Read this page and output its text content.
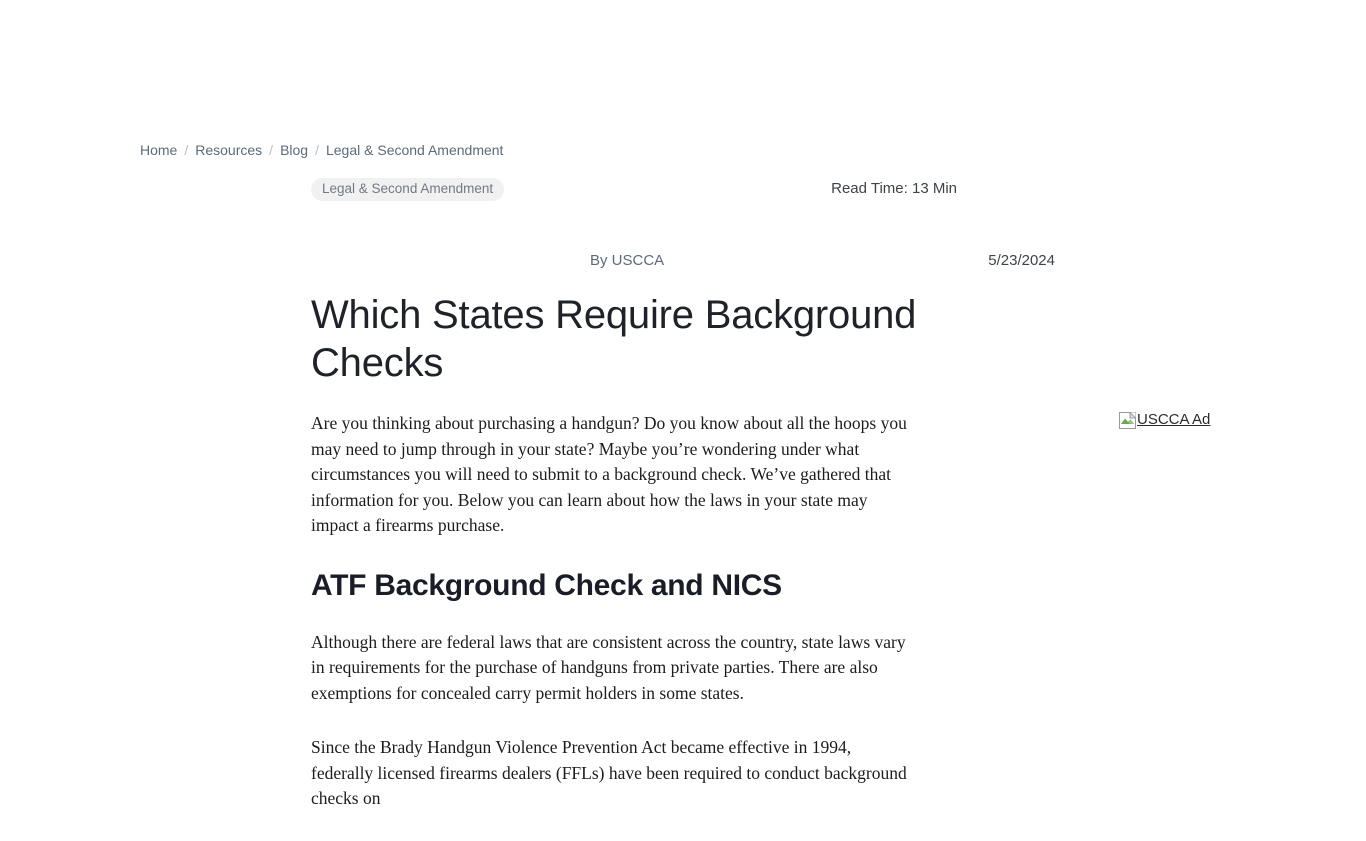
Home / Resources / Blog / Legal & Second Amendment
Legal & Second Amendment	Read Time: 13 Min
By USCCA	5/23/2024
Which States Require Background Checks

Are you thinking about purchasing a handgun? Do you know about all the hoops you may need to jump through in your state? Maybe you’re wondering under what circumstances you will need to submit to a background check. We’ve gathered that information for you. Below you can learn about how the laws in your state may impact a firearms purchase.

ATF Background Check and NICS

Although there are federal laws that are consistent across the country, state laws vary in requirements for the purchase of handguns from private parties. There are also exemptions for concealed carry permit holders in some states.

Since the Brady Handgun Violence Prevention Act became effective in 1994, federally licensed firearms dealers (FFLs) have been required to conduct background checks on

USCCA Ad
